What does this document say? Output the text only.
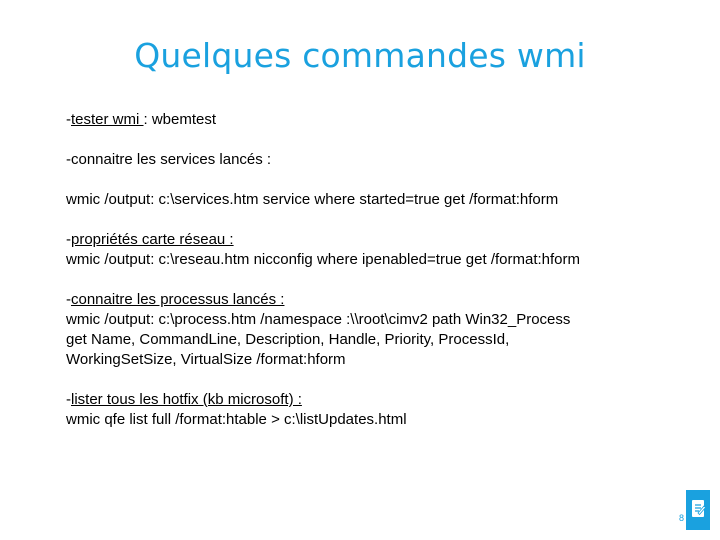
Quelques commandes wmi

-tester wmi : wbemtest

-connaitre les services lancés :

wmic /output: c:\services.htm service where started=true get /format:hform

-propriétés carte réseau :

wmic /output: c:\reseau.htm nicconfig where ipenabled=true get /format:hform

-connaitre les processus lancés :

wmic /output: c:\process.htm /namespace :\\root\cimv2 path Win32_Process

get Name, CommandLine, Description, Handle, Priority, ProcessId,

WorkingSetSize, VirtualSize /format:hform

-lister tous les hotfix (kb microsoft) :

wmic qfe list full /format:htable > c:\listUpdates.html

8
